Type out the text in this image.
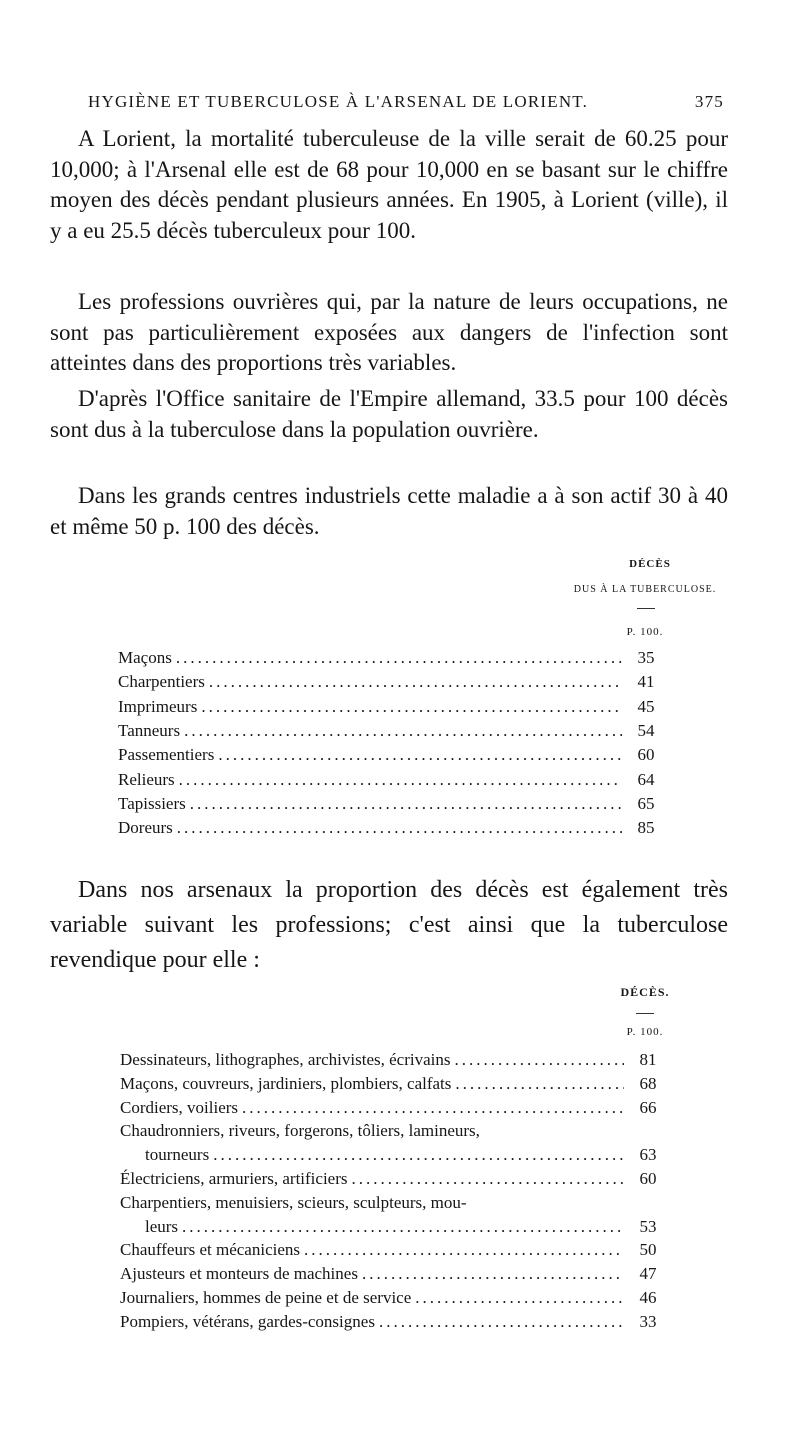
HYGIÈNE ET TUBERCULOSE À L'ARSENAL DE LORIENT.	375

A Lorient, la mortalité tuberculeuse de la ville serait de 60.25 pour 10,000; à l'Arsenal elle est de 68 pour 10,000 en se basant sur le chiffre moyen des décès pendant plusieurs années. En 1905, à Lorient (ville), il y a eu 25.5 décès tuberculeux pour 100.

Les professions ouvrières qui, par la nature de leurs occupations, ne sont pas particulièrement exposées aux dangers de l'infection sont atteintes dans des proportions très variables.

D'après l'Office sanitaire de l'Empire allemand, 33.5 pour 100 décès sont dus à la tuberculose dans la population ouvrière.

Dans les grands centres industriels cette maladie a à son actif 30 à 40 et même 50 p. 100 des décès.

DÉCÈS
DUS À LA TUBERCULOSE.
P. 100.
Maçons .....	35
Charpentiers .....	41
Imprimeurs .....	45
Tanneurs .....	54
Passementiers .....	60
Relieurs .....	64
Tapissiers .....	65
Doreurs .....	85

Dans nos arsenaux la proportion des décès est également très variable suivant les professions; c'est ainsi que la tuberculose revendique pour elle :

DÉCÈS.
P. 100.
Dessinateurs, lithographes, archivistes, écrivains .....	81
Maçons, couvreurs, jardiniers, plombiers, calfats .....	68
Cordiers, voiliers .....	66
Chaudronniers, riveurs, forgerons, tôliers, lamineurs,
tourneurs .....	63
Électriciens, armuriers, artificiers .....	60
Charpentiers, menuisiers, scieurs, sculpteurs, mou-
leurs .....	53
Chauffeurs et mécaniciens .....	50
Ajusteurs et monteurs de machines .....	47
Journaliers, hommes de peine et de service .....	46
Pompiers, vétérans, gardes-consignes .....	33
